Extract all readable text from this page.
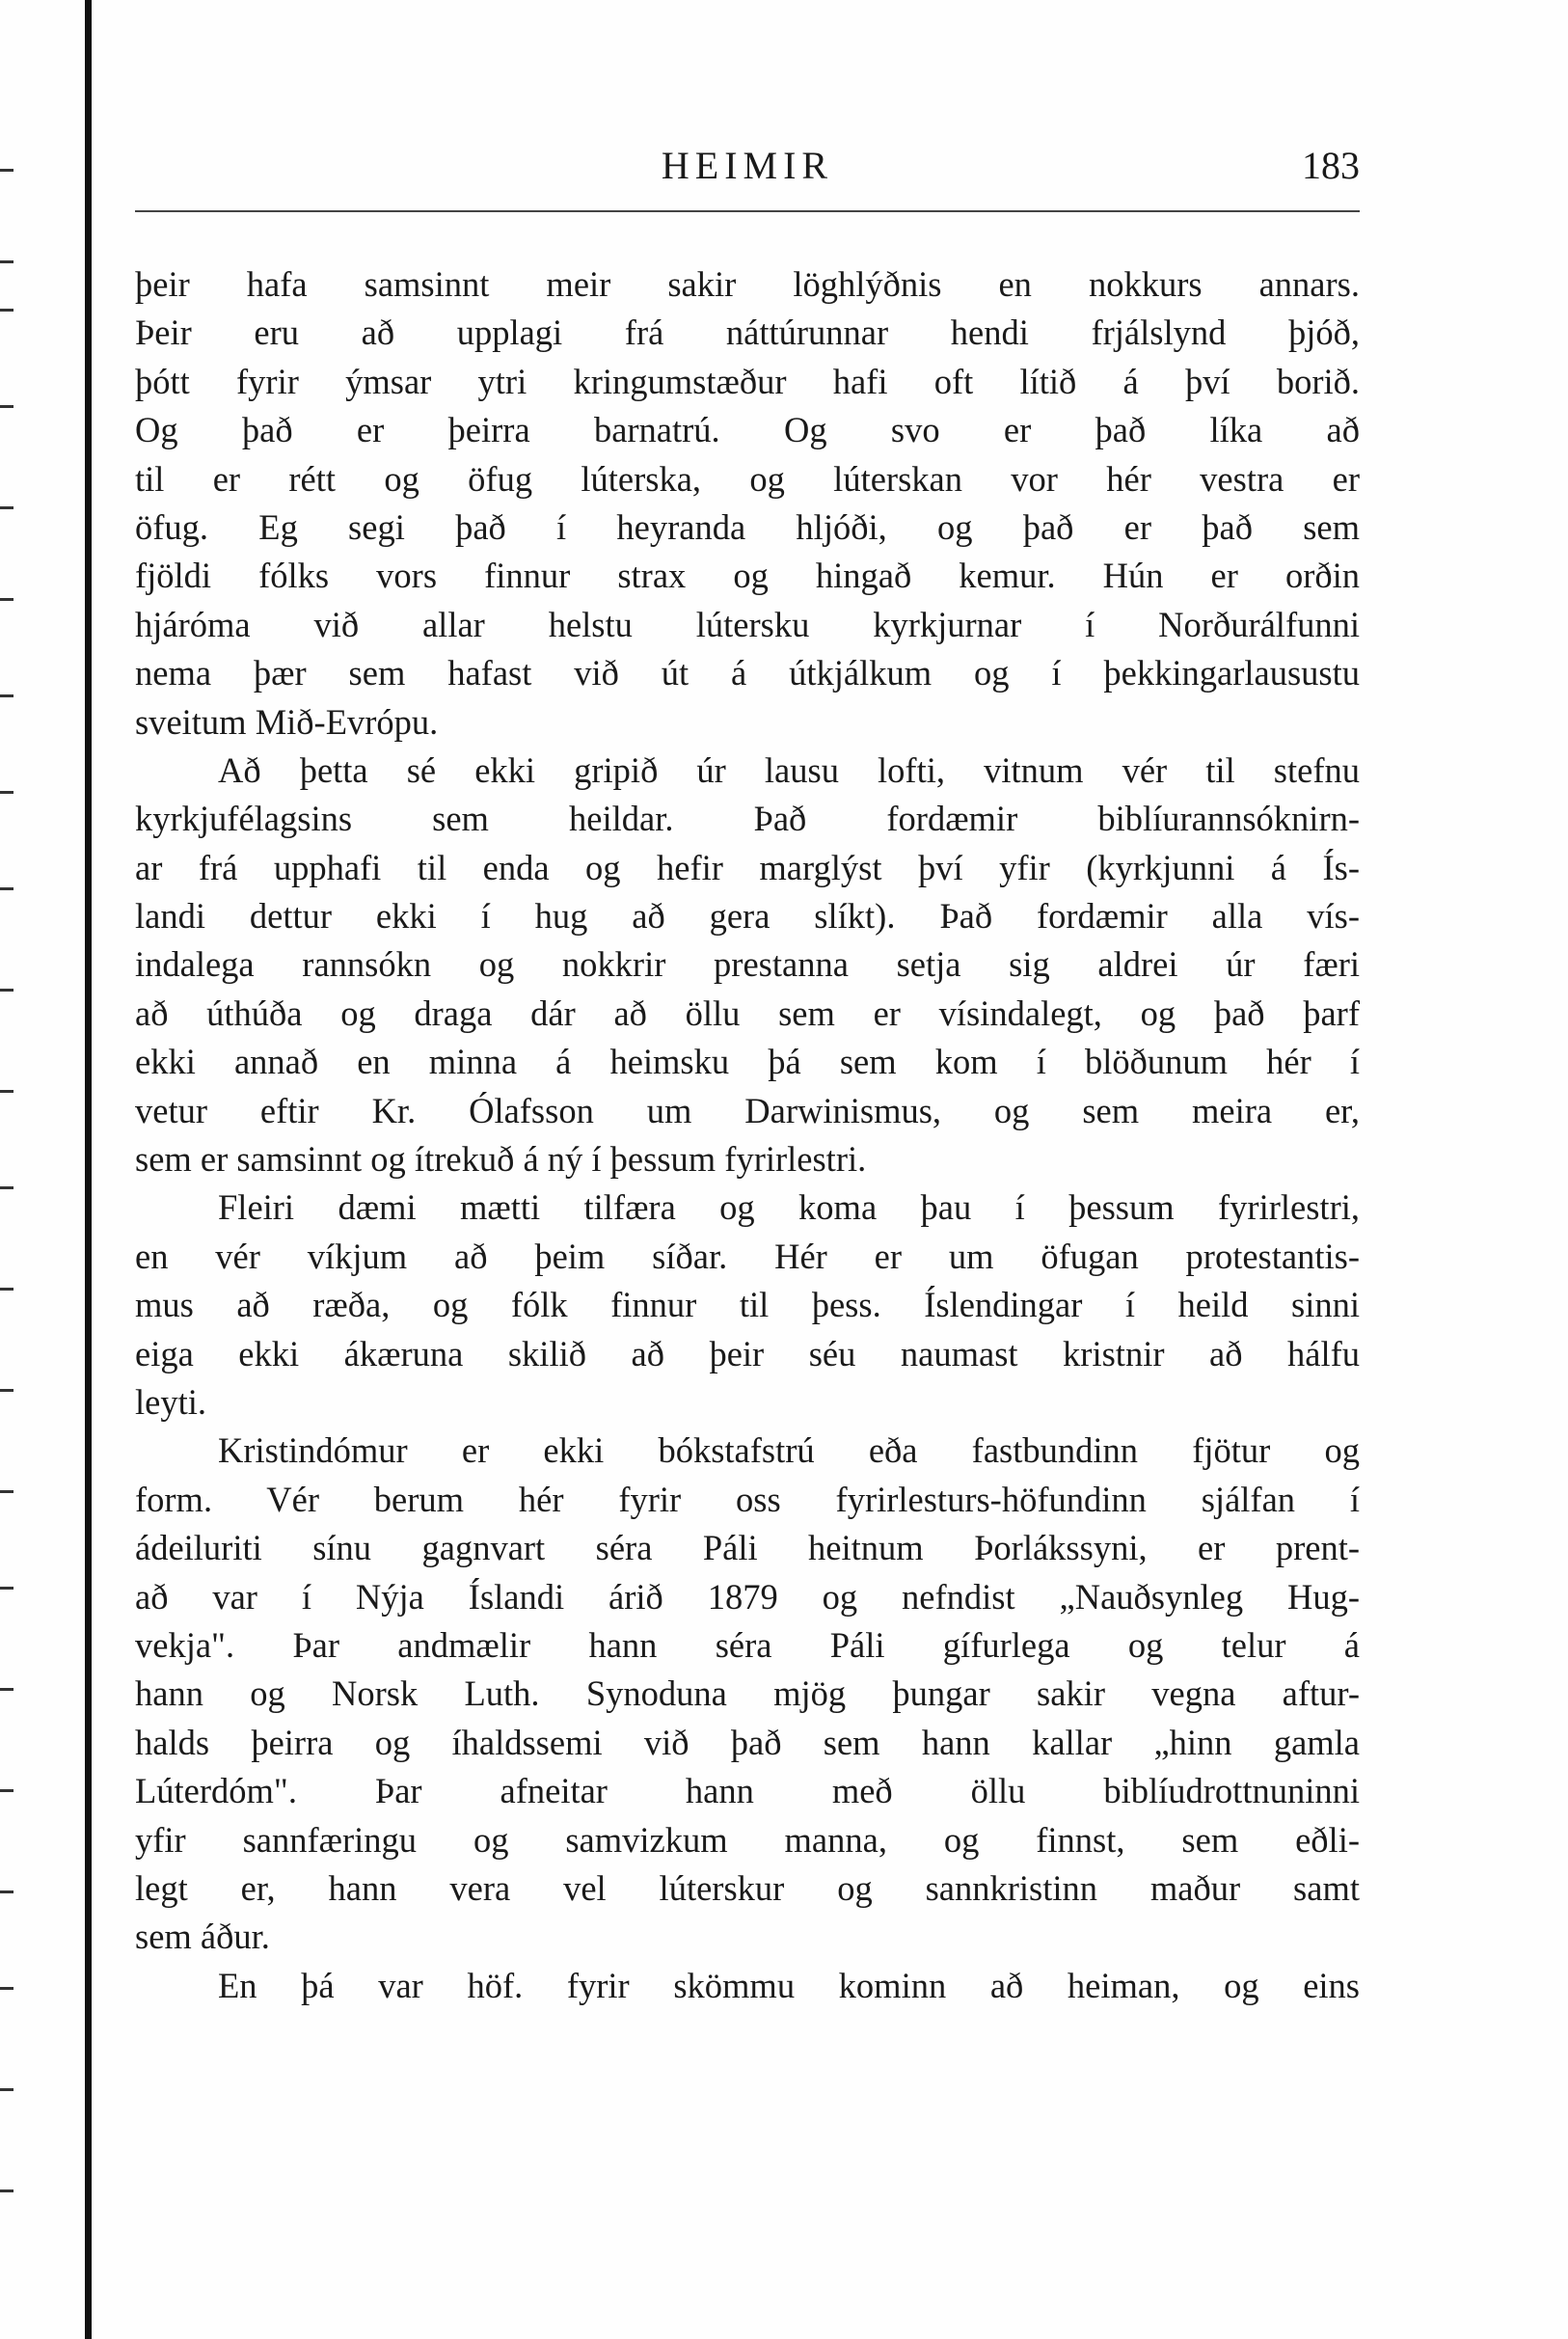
HEIMIR	183
þeir hafa samsinnt meir sakir löghlýðnis en nokkurs annars.
Þeir eru að upplagi frá náttúrunnar hendi frjálslynd þjóð,
þótt fyrir ýmsar ytri kringumstæður hafi oft lítið á því borið.
Og það er þeirra barnatrú. Og svo er það líka að
til er rétt og öfug lúterska, og lúterskan vor hér vestra er
öfug. Eg segi það í heyranda hljóði, og það er það sem
fjöldi fólks vors finnur strax og hingað kemur. Hún er orðin
hjáróma við allar helstu lútersku kyrkjurnar í Norðurálfunni
nema þær sem hafast við út á útkjálkum og í þekkingarlausustu
sveitum Mið-Evrópu.
Að þetta sé ekki gripið úr lausu lofti, vitnum vér til stefnu
kyrkjufélagsins sem heildar. Það fordæmir biblíurannsóknirn-
ar frá upphafi til enda og hefir marglýst því yfir (kyrkjunni á Ís-
landi dettur ekki í hug að gera slíkt). Það fordæmir alla vís-
indalega rannsókn og nokkrir prestanna setja sig aldrei úr færi
að úthúða og draga dár að öllu sem er vísindalegt, og það þarf
ekki annað en minna á heimsku þá sem kom í blöðunum hér í
vetur eftir Kr. Ólafsson um Darwinismus, og sem meira er,
sem er samsinnt og ítrekuð á ný í þessum fyrirlestri.
Fleiri dæmi mætti tilfæra og koma þau í þessum fyrirlestri,
en vér víkjum að þeim síðar. Hér er um öfugan protestantis-
mus að ræða, og fólk finnur til þess. Íslendingar í heild sinni
eiga ekki ákæruna skilið að þeir séu naumast kristnir að hálfu
leyti.
Kristindómur er ekki bókstafstrú eða fastbundinn fjötur og
form. Vér berum hér fyrir oss fyrirlesturs-höfundinn sjálfan í
ádeiluriti sínu gagnvart séra Páli heitnum Þorlákssyni, er prent-
að var í Nýja Íslandi árið 1879 og nefndist „Nauðsynleg Hug-
vekja". Þar andmælir hann séra Páli gífurlega og telur á
hann og Norsk Luth. Synoduna mjög þungar sakir vegna aftur-
halds þeirra og íhaldssemi við það sem hann kallar „hinn gamla
Lúterdóm". Þar afneitar hann með öllu biblíudrottnuninni
yfir sannfæringu og samvizkum manna, og finnst, sem eðli-
legt er, hann vera vel lúterskur og sannkristinn maður samt
sem áður.
En þá var höf. fyrir skömmu kominn að heiman, og eins
